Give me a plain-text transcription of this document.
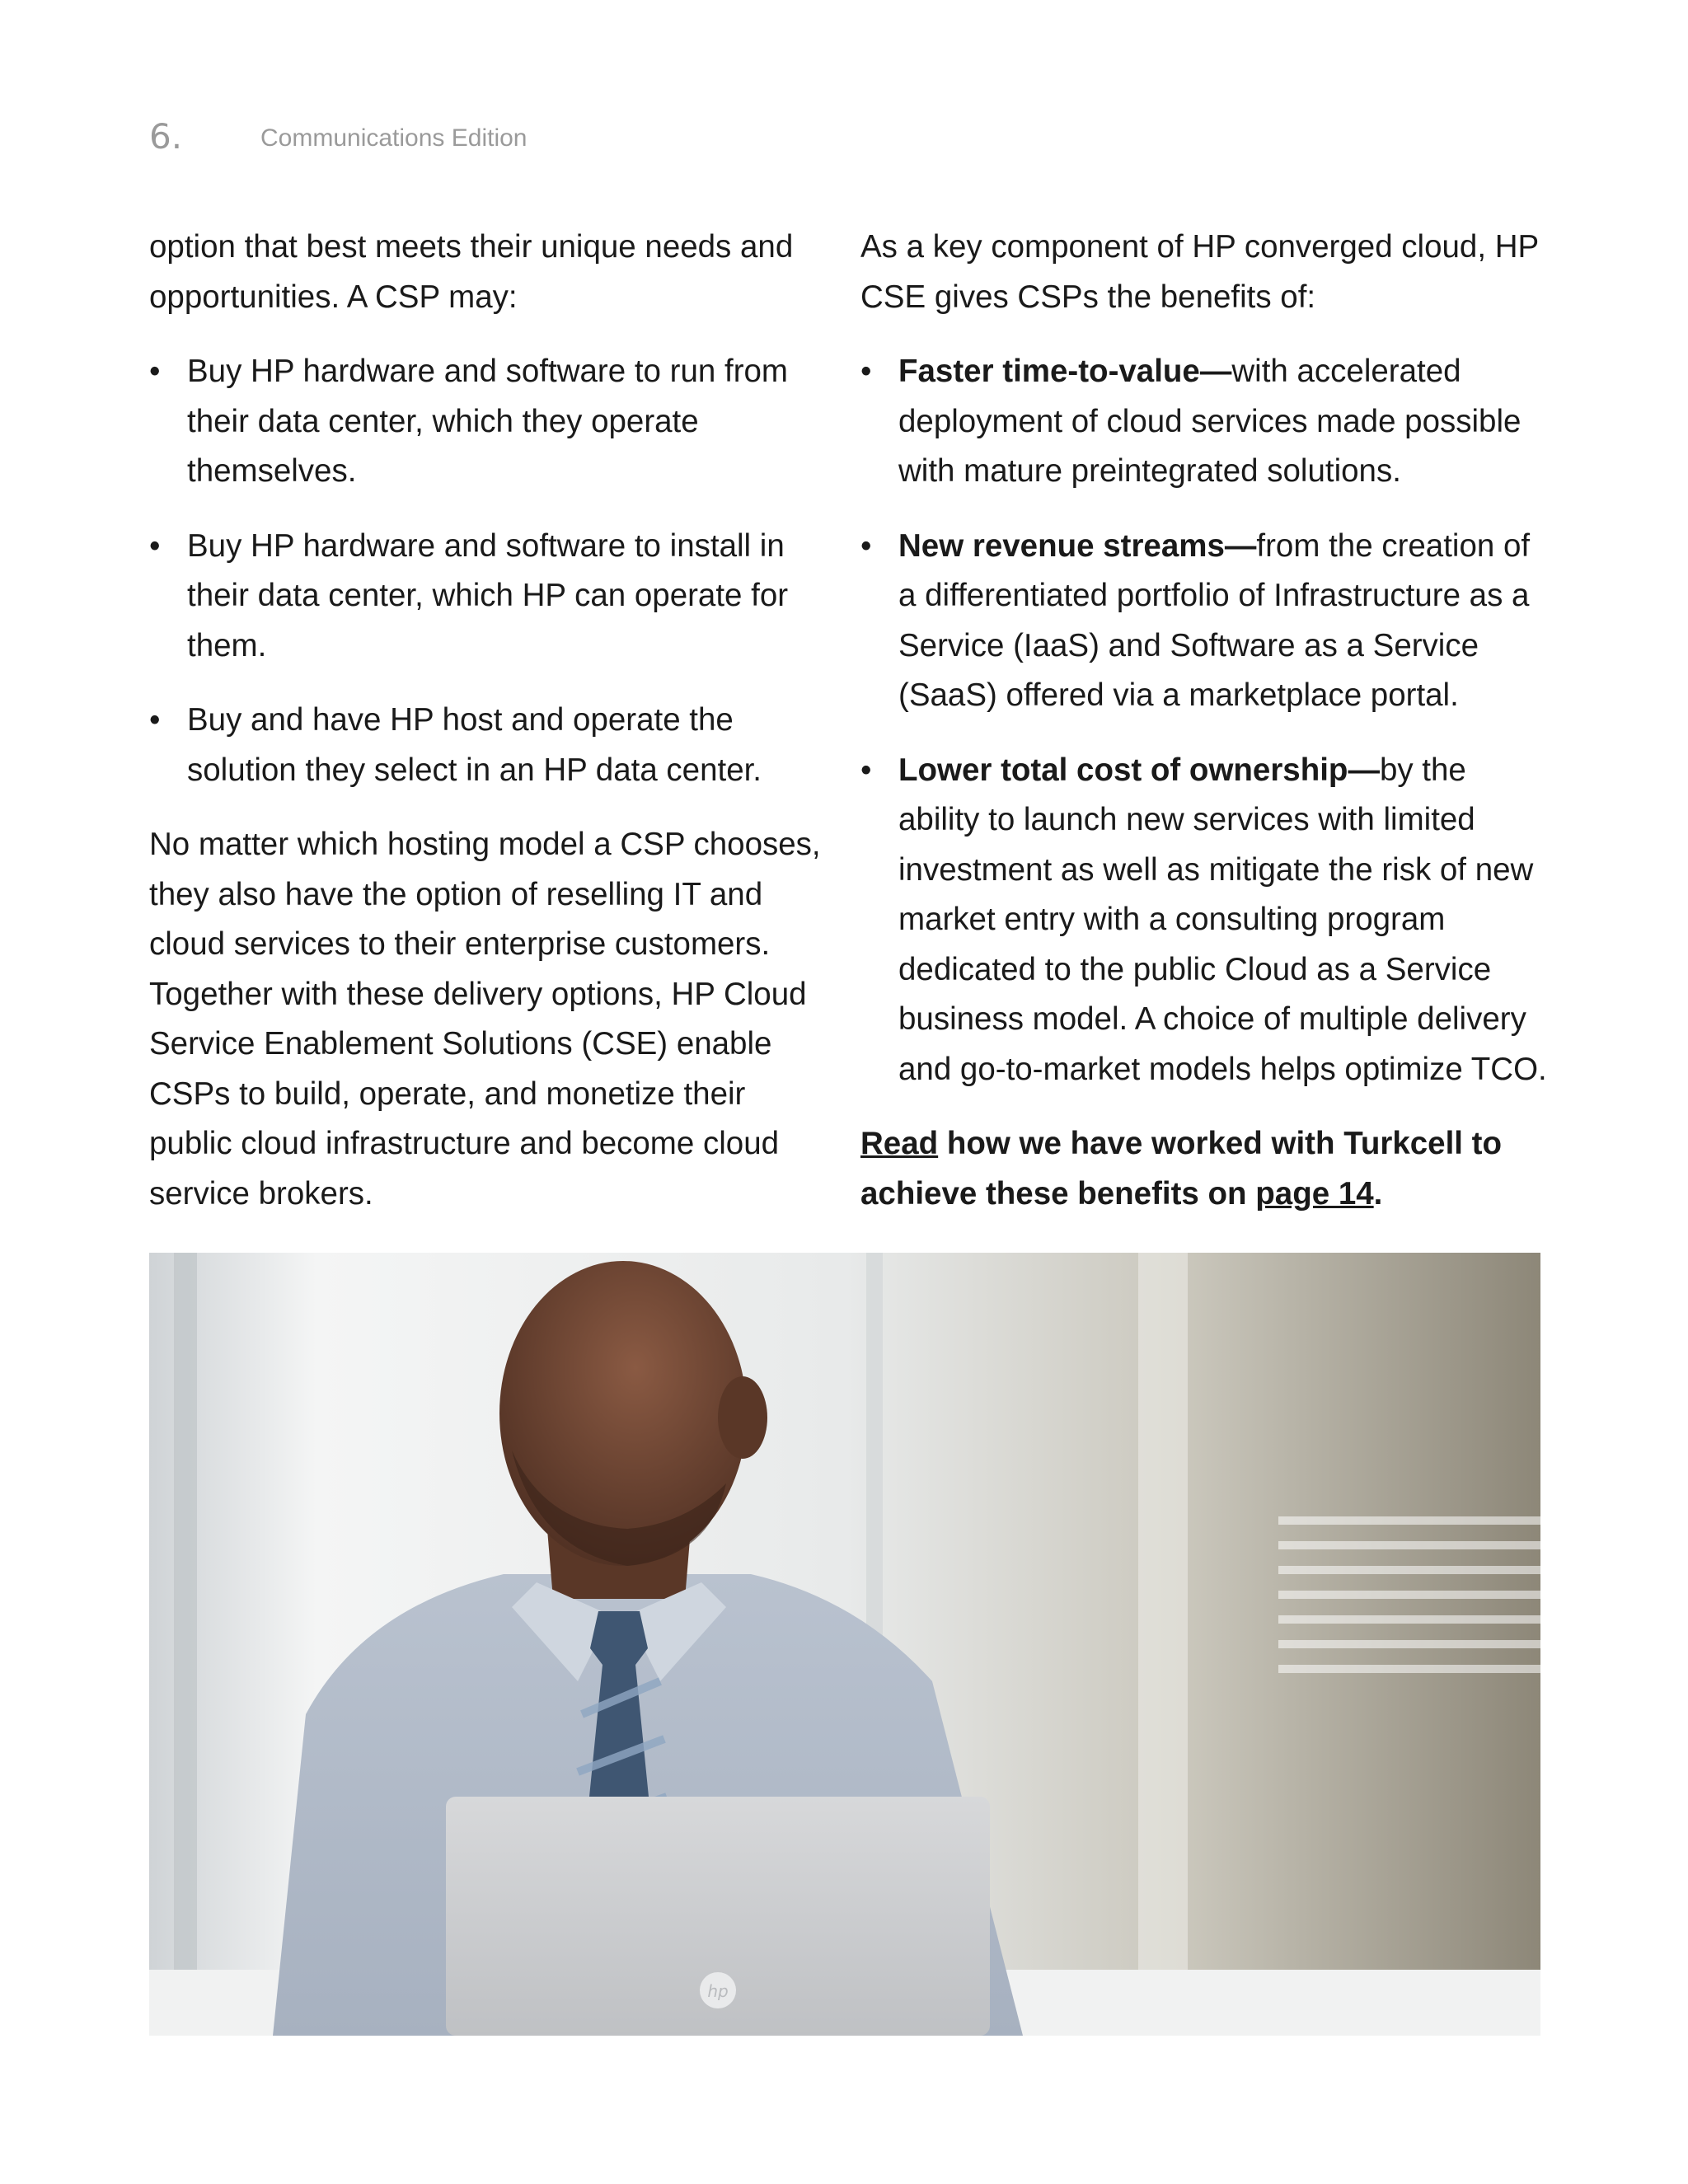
6.	Communications Edition

option that best meets their unique needs and opportunities. A CSP may:

• Buy HP hardware and software to run from their data center, which they operate themselves.
• Buy HP hardware and software to install in their data center, which HP can operate for them.
• Buy and have HP host and operate the solution they select in an HP data center.

No matter which hosting model a CSP chooses, they also have the option of reselling IT and cloud services to their enterprise customers. Together with these delivery options, HP Cloud Service Enablement Solutions (CSE) enable CSPs to build, operate, and monetize their public cloud infrastructure and become cloud service brokers.

As a key component of HP converged cloud, HP CSE gives CSPs the benefits of:

• Faster time-to-value—with accelerated deployment of cloud services made possible with mature preintegrated solutions.
• New revenue streams—from the creation of a differentiated portfolio of Infrastructure as a Service (IaaS) and Software as a Service (SaaS) offered via a marketplace portal.
• Lower total cost of ownership—by the ability to launch new services with limited investment as well as mitigate the risk of new market entry with a consulting program dedicated to the public Cloud as a Service business model. A choice of multiple delivery and go-to-market models helps optimize TCO.

Read how we have worked with Turkcell to achieve these benefits on page 14.

hp
